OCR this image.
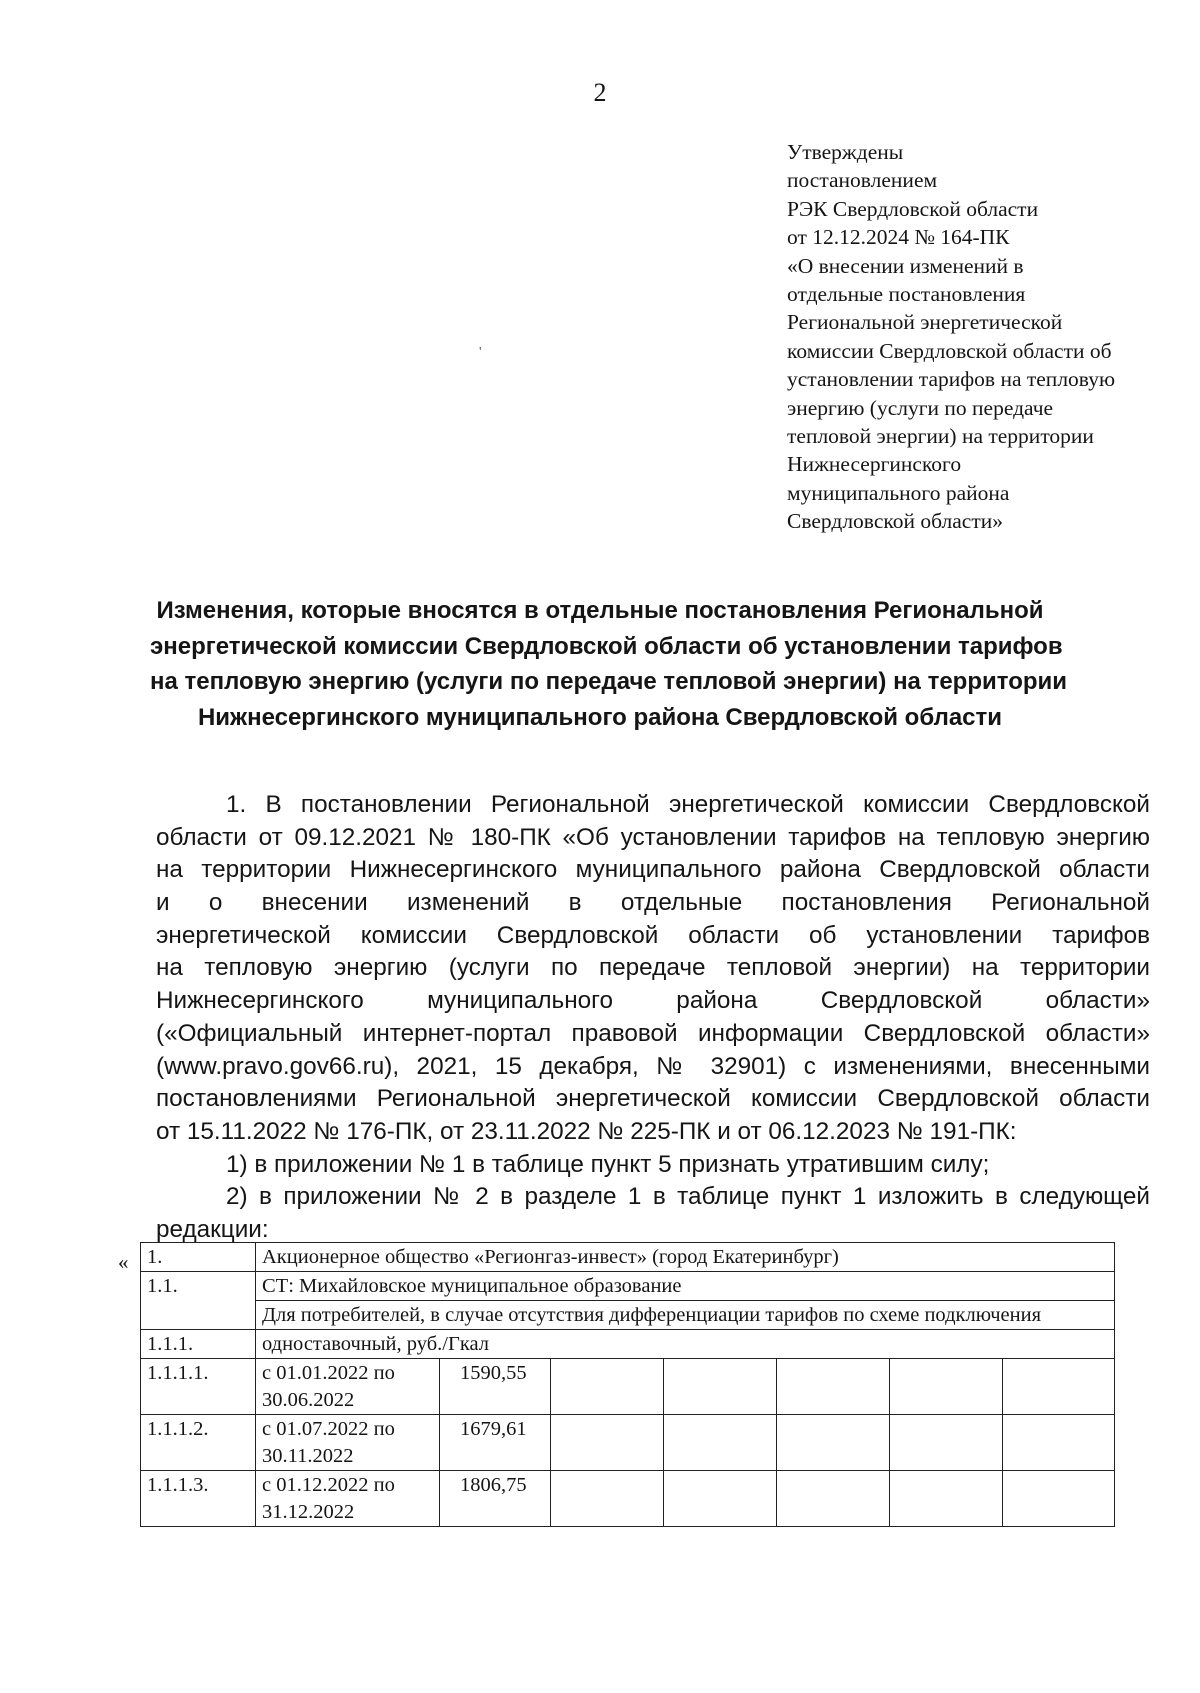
2
Утверждены
постановлением
РЭК Свердловской области
от 12.12.2024 № 164-ПК
«О внесении изменений в
отдельные постановления
Региональной энергетической
комиссии Свердловской области об
установлении тарифов на тепловую
энергию (услуги по передаче
тепловой энергии) на территории
Нижнесергинского
муниципального района
Свердловской области»
'
Изменения, которые вносятся в отдельные постановления Региональной
энергетической комиссии Свердловской области об установлении тарифов
на тепловую энергию (услуги по передаче тепловой энергии) на территории
Нижнесергинского муниципального района Свердловской области
1. В постановлении Региональной энергетической комиссии Свердловской
области от 09.12.2021 № 180-ПК «Об установлении тарифов на тепловую энергию
на территории Нижнесергинского муниципального района Свердловской области
и о внесении изменений в отдельные постановления Региональной
энергетической комиссии Свердловской области об установлении тарифов
на тепловую энергию (услуги по передаче тепловой энергии) на территории
Нижнесергинского муниципального района Свердловской области»
(«Официальный интернет-портал правовой информации Свердловской области»
(www.pravo.gov66.ru), 2021, 15 декабря, № 32901) с изменениями, внесенными
постановлениями Региональной энергетической комиссии Свердловской области
от 15.11.2022 № 176-ПК, от 23.11.2022 № 225-ПК и от 06.12.2023 № 191-ПК:
1) в приложении № 1 в таблице пункт 5 признать утратившим силу;
2) в приложении № 2 в разделе 1 в таблице пункт 1 изложить в следующей
редакции:
« 1.	Акционерное общество «Регионгаз-инвест» (город Екатеринбург)						
1.1.	СТ: Михайловское муниципальное образование						
	Для потребителей, в случае отсутствия дифференциации тарифов по схеме подключения						
1.1.1.	одноставочный, руб./Гкал						
1.1.1.1.	с 01.01.2022 по
30.06.2022	1590,55					
1.1.1.2.	с 01.07.2022 по
30.11.2022	1679,61					
1.1.1.3.	с 01.12.2022 по
31.12.2022	1806,75					
